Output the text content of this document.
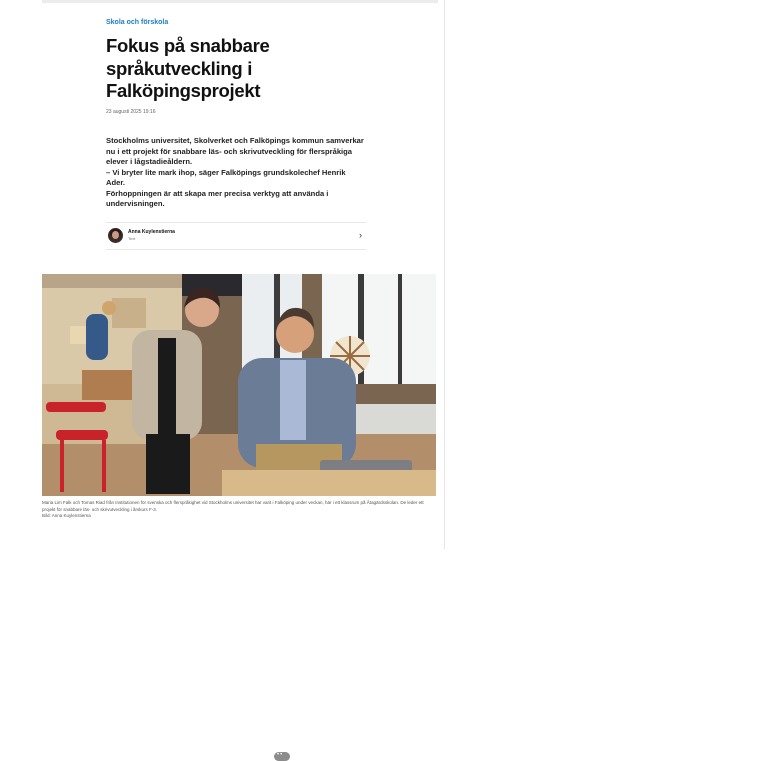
Skola och förskola
Fokus på snabbare språkutveckling i Falköpingsprojekt
23 augusti 2025 19:16

Stockholms universitet, Skolverket och Falköpings kommun samverkar nu i ett projekt för snabbare läs- och skrivutveckling för flerspråkiga elever i lågstadieåldern.

– Vi bryter lite mark ihop, säger Falköpings grundskolechef Henrik Ader.

Förhoppningen är att skapa mer precisa verktyg att använda i undervisningen.

Anna Kuylenstierna
Text	›
›
••
Maria Lim Falk och Tomas Riad från Institutionen för svenska och flerspråkighet vid Stockholms universitet har varit i Falköping under veckan, här i ett klassrum på Åtagärdsskolan. De leder ett projekt för snabbare läs- och skrivutveckling i årskurs F-3.
Bild: Anna Kuylenstierna
